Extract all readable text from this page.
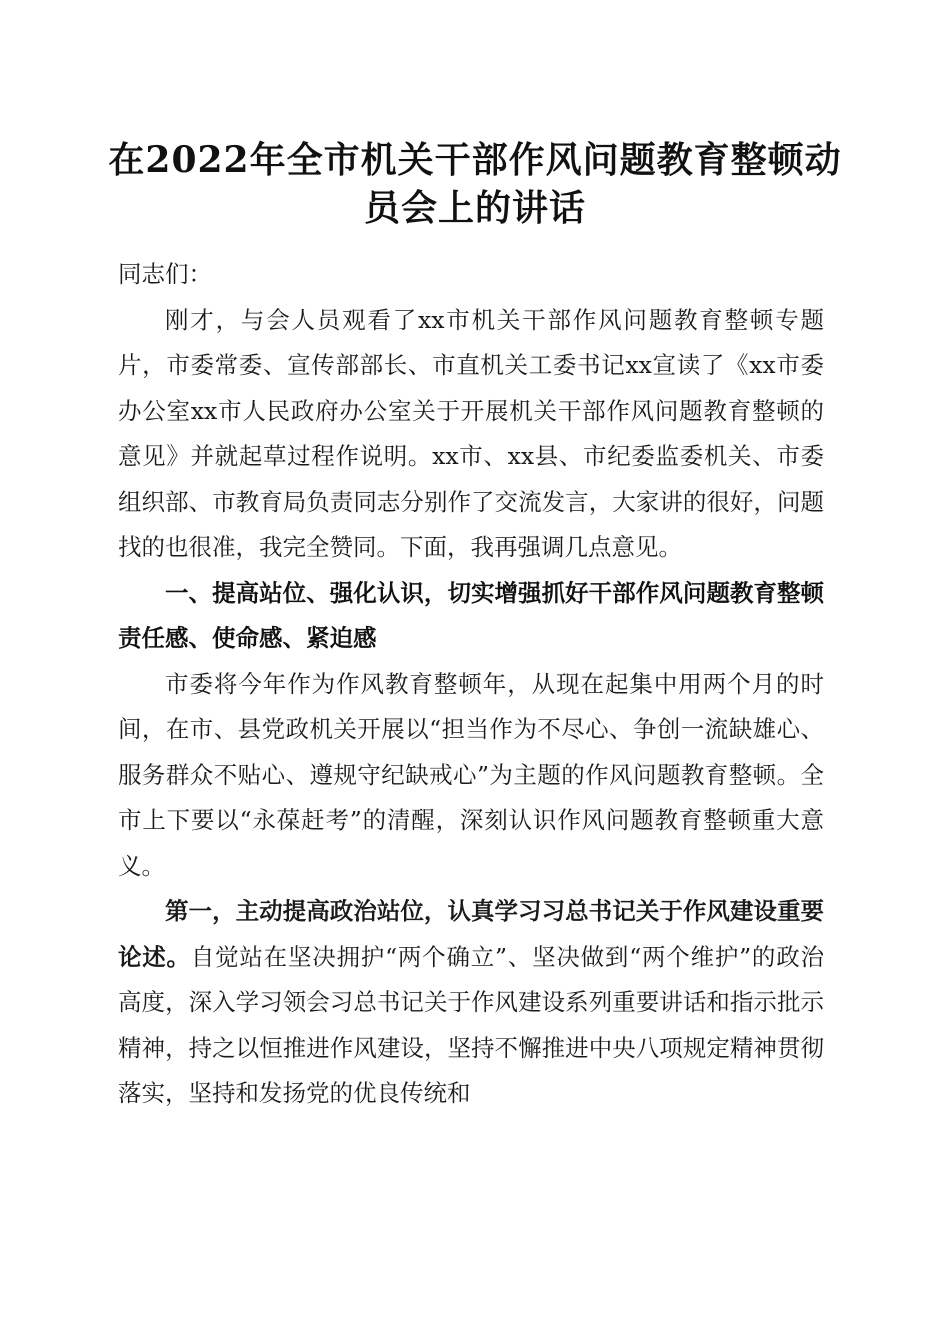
在2022年全市机关干部作风问题教育整顿动员会上的讲话

同志们：

刚才，与会人员观看了xx市机关干部作风问题教育整顿专题片，市委常委、宣传部部长、市直机关工委书记xx宣读了《xx市委办公室xx市人民政府办公室关于开展机关干部作风问题教育整顿的意见》并就起草过程作说明。xx市、xx县、市纪委监委机关、市委组织部、市教育局负责同志分别作了交流发言，大家讲的很好，问题找的也很准，我完全赞同。下面，我再强调几点意见。

一、提高站位、强化认识，切实增强抓好干部作风问题教育整顿责任感、使命感、紧迫感

市委将今年作为作风教育整顿年，从现在起集中用两个月的时间，在市、县党政机关开展以“担当作为不尽心、争创一流缺雄心、服务群众不贴心、遵规守纪缺戒心”为主题的作风问题教育整顿。全市上下要以“永葆赶考”的清醒，深刻认识作风问题教育整顿重大意义。

第一，主动提高政治站位，认真学习习总书记关于作风建设重要论述。自觉站在坚决拥护“两个确立”、坚决做到“两个维护”的政治高度，深入学习领会习总书记关于作风建设系列重要讲话和指示批示精神，持之以恒推进作风建设，坚持不懈推进中央八项规定精神贯彻落实，坚持和发扬党的优良传统和
